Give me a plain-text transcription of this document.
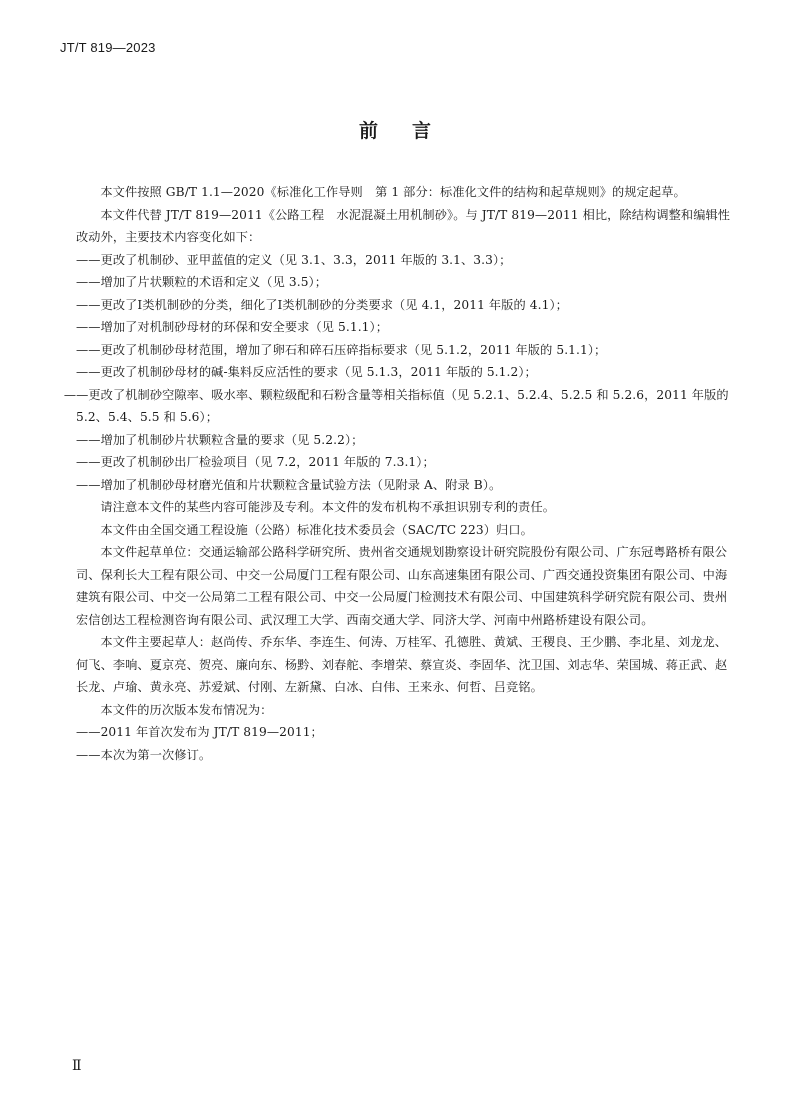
JT/T 819—2023
前言

本文件按照 GB/T 1.1—2020《标准化工作导则　第 1 部分：标准化文件的结构和起草规则》的规定起草。

本文件代替 JT/T 819—2011《公路工程　水泥混凝土用机制砂》。与 JT/T 819—2011 相比，除结构调整和编辑性改动外，主要技术内容变化如下：

——更改了机制砂、亚甲蓝值的定义（见 3.1、3.3，2011 年版的 3.1、3.3）；

——增加了片状颗粒的术语和定义（见 3.5）；

——更改了Ⅰ类机制砂的分类，细化了Ⅰ类机制砂的分类要求（见 4.1，2011 年版的 4.1）；

——增加了对机制砂母材的环保和安全要求（见 5.1.1）；

——更改了机制砂母材范围，增加了卵石和碎石压碎指标要求（见 5.1.2，2011 年版的 5.1.1）；

——更改了机制砂母材的碱-集料反应活性的要求（见 5.1.3，2011 年版的 5.1.2）；

——更改了机制砂空隙率、吸水率、颗粒级配和石粉含量等相关指标值（见 5.2.1、5.2.4、5.2.5 和 5.2.6，2011 年版的 5.2、5.4、5.5 和 5.6）；

——增加了机制砂片状颗粒含量的要求（见 5.2.2）；

——更改了机制砂出厂检验项目（见 7.2，2011 年版的 7.3.1）；

——增加了机制砂母材磨光值和片状颗粒含量试验方法（见附录 A、附录 B）。

请注意本文件的某些内容可能涉及专利。本文件的发布机构不承担识别专利的责任。

本文件由全国交通工程设施（公路）标准化技术委员会（SAC/TC 223）归口。

本文件起草单位：交通运输部公路科学研究所、贵州省交通规划勘察设计研究院股份有限公司、广东冠粤路桥有限公司、保利长大工程有限公司、中交一公局厦门工程有限公司、山东高速集团有限公司、广西交通投资集团有限公司、中海建筑有限公司、中交一公局第二工程有限公司、中交一公局厦门检测技术有限公司、中国建筑科学研究院有限公司、贵州宏信创达工程检测咨询有限公司、武汉理工大学、西南交通大学、同济大学、河南中州路桥建设有限公司。

本文件主要起草人：赵尚传、乔东华、李连生、何涛、万桂军、孔德胜、黄斌、王稷良、王少鹏、李北星、刘龙龙、何飞、李响、夏京亮、贺亮、廉向东、杨黔、刘春舵、李增荣、蔡宣炎、李固华、沈卫国、刘志华、荣国城、蒋正武、赵长龙、卢瑜、黄永亮、苏爱斌、付刚、左新黛、白冰、白伟、王来永、何哲、吕竞铭。

本文件的历次版本发布情况为：

——2011 年首次发布为 JT/T 819—2011；

——本次为第一次修订。

Ⅱ
